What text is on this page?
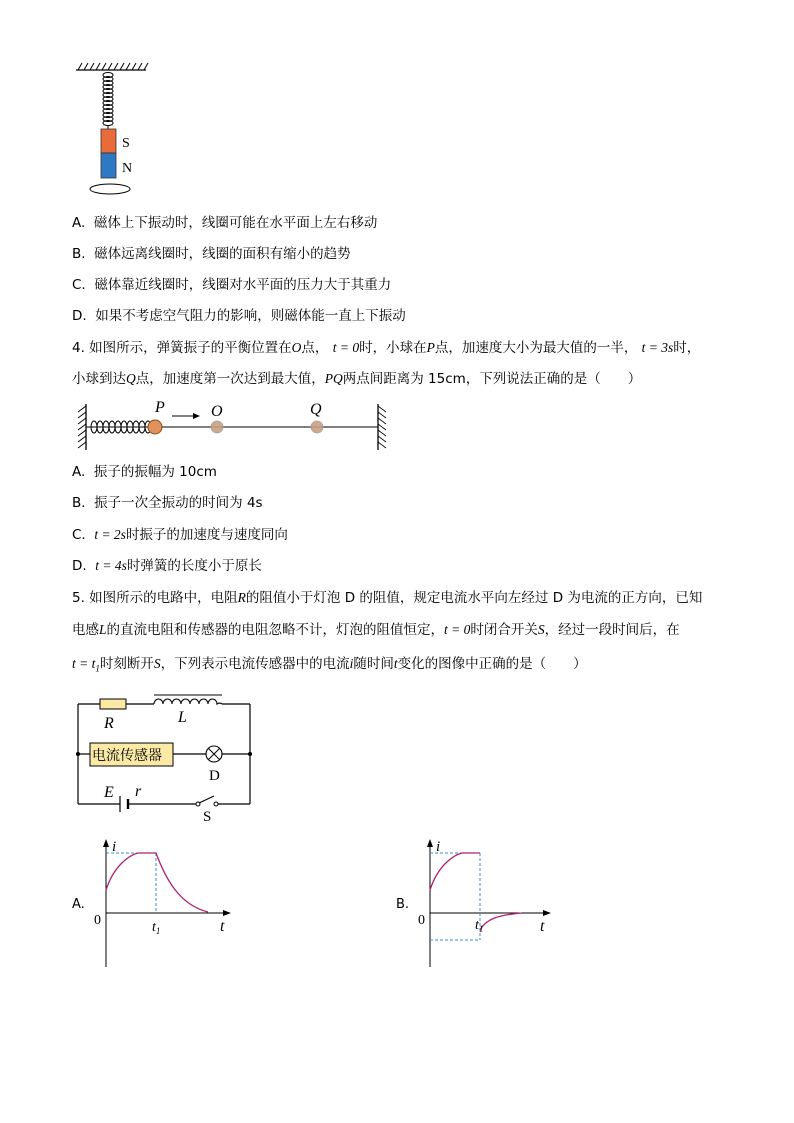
S
N
A. 磁体上下振动时，线圈可能在水平面上左右移动
B. 磁体远离线圈时，线圈的面积有缩小的趋势
C. 磁体靠近线圈时，线圈对水平面的压力大于其重力
D. 如果不考虑空气阻力的影响，则磁体能一直上下振动
4. 如图所示，弹簧振子的平衡位置在O点， t = 0时，小球在P点，加速度大小为最大值的一半， t = 3s时，
小球到达Q点，加速度第一次达到最大值，PQ两点间距离为 15cm，下列说法正确的是（　　）
P	O	Q
A. 振子的振幅为 10cm
B. 振子一次全振动的时间为 4s
C. t = 2s时振子的加速度与速度同向
D. t = 4s时弹簧的长度小于原长
5. 如图所示的电路中，电阻R的阻值小于灯泡 D 的阻值，规定电流水平向左经过 D 为电流的正方向，已知
电感L的直流电阻和传感器的电阻忽略不计，灯泡的阻值恒定，t = 0时闭合开关S，经过一段时间后，在
$t = t_1$时刻断开S，下列表示电流传感器中的电流i随时间t变化的图像中正确的是（　　）
电流传感器
R	L
D
E r
S
A.
i
0	$t_1$	t
B.
i
0	$t_1$	t
